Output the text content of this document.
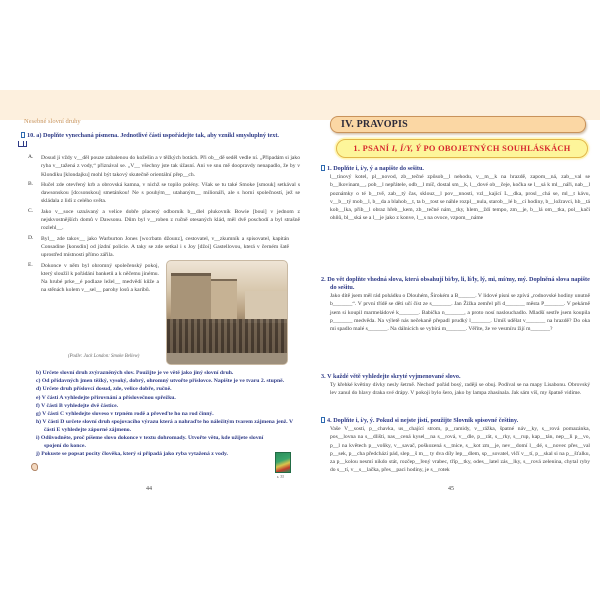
Nesebné slovní druhy
10. a) Doplňte vynechaná písmena. Jednotlivé části uspořádejte tak, aby vznikl smysluplný text.
A. Dosud ji vždy v__děl pouze zabalenou do kožešin a v těžkých botách. Při ob__dě seděl vedle ní. „Připadám si jako ryba v__tažená z vody,“ přiznával se. „V__ všechny jste tak úžasní. Ani ve snu mě doopravdy nenapadlo, že by v Klondiku [klondajku] mohl být takový skutečně orientální přep__ch.
B. Hučel zde otevřený krb a obrovská kamna, v nichž se topilo polény. Však se tu také Smoke [smouk] setkával s dawsonskou [do:sonskou] smetánkou! Ne s pouhým__ utahaným__ milionáři, ale s horní společností, jež se skládala z lidí z celého světa.
C. Jako v__soce uznávaný a velice dobře placený odborník b__dlel plukovník Bowie [boui] v jednom z nejskvostnějších domů v Dawsonu. Dům byl v__roben z ručně otesaných klád, měl dvě poschodí a byl strašně rozlehl__.
D. Byl__ zde takov__ jako Warburton Jones [wo:rbatn džounz], cestovatel, v__zkumník a spisovatel, kapitán Consadine [konsdin] od jízdní policie. A taky se zde setkal i s Joy [džoi] Gastellovou, která v černém šatě uprostřed místnosti přímo zářila.
E. Dokonce v něm byl ohromný společenský pokoj, který sloužil k pořádání banketů a k něčemu jinému. Na hrubé prke__é podlaze ležel__ medvědí kůže a na stěnách kolem v__sel__ parohy losů a karibů.
(Podle: Jack London: Smoke Bellew)
b) Určete slovní druh zvýrazněných slov. Použijte je ve větě jako jiný slovní druh.
c) Od přídavných jmen těžký, vysoký, dobrý, ohromný utvořte příslovce. Napište je ve tvaru 2. stupně.
d) Určete druh příslovcí dosud, zde, velice dobře, ručně.
e) V části A vyhledejte přirovnání a příslovečnou spřežku.
f) V části B vyhledejte dvě částice.
g) V části C vyhledejte sloveso v trpném rodě a převeďte ho na rod činný.
h) V části D určete slovní druh spojovacího výrazu která a nahraďte ho náležitým tvarem zájmena jenž. V části E vyhledejte záporné zájmeno.
i) Odůvodněte, proč píšeme slovo dokonce v textu dohromady. Utvořte větu, kde užijete slovní spojení do konce.
j) Pokuste se popsat pocity člověka, který si připadá jako ryba vytažená z vody.
s. 33
44
IV. PRAVOPIS
1. PSANÍ I, Í/Y, Ý PO OBOJETNÝCH SOUHLÁSKÁCH
1. Doplňte i, í/y, ý a napište do sešitu.
l__tinový kotel, pl__novod, zb__tečné způsob__l nehodu, v__m__k na hrazdě, zapom__ná, zab__val se b__lkovinam__, pob__l nepřátele, odb__l míč, dostal sm__k, l__dové ob__čeje, kočka se l__sá k ml__náři, nab__l poznámky o té b__tvě, zab__tý čas, sklouz__l pov__nnosti, vzl__kající L__dka, prosl__chá se, ml__t kávu, v__b__tý mob__l, b__da a blahob__t, ta b__tost se náhle rozpl__nula, starob__lé b__cí hodiny, b__ložravci, hb__tá kob__lka, přib__l obraz hřeb__kem, zb__tečné nám__tky, hlem__ždí tempo, zm__je, b__lá om__tka, pol__kači ohňů, bl__ská se a l__je jako z konve, l__s na ovoce, vzpom__náme
2. Do vět doplňte vhodná slova, která obsahují bi/by, li, lí/ly, lý, mi, mí/my, mý. Doplněná slova napište do sešitu.
Jako dítě jsem měl rád pohádku o Dlouhém, Širokém a B______. V lidové písni se zpívá „rodnovské hodiny unutně b_______“. V první třídě se děti učí číst ze s_______. Jan Žižka zemřel při d_______ města P_______. V pekárně jsem si koupil marmeládové k_______. Babička n_______, a proto nosí naslouchadlo. Mladší sestře jsem koupila p_______ medvěda. Na výletě nás nečekaně přepadl prudký l_______. Umíš udělat v_______ na hrazdě? Do oka mi spadlo malé s_______. Na dálnicích se vybírá m_______. Věříte, že ve vesmíru žijí m_______?
3. V každé větě vyhledejte skryté vyjmenované slovo.
Ty křehké květiny dívky nesly šetrně. Nechoď pořád bosý, raději se obuj. Podíval se na mapy Lisabonu. Obrovský lev zanul do hlavy draka své drápy. V pokoji bylo šero, jako by lampa zhasínala. Jak sám víš, my špatně vidíme.
4. Doplňte i, í/y, ý. Pokud si nejste jistí, použijte Slovník spisovné češtiny.
Vaše V__sosti, p__chavka, us__chající strom, p__ramidy, v__rážka, špatné náv__ky, s__rová pomazánka, pos__lovna na s__dlišti, nas__cená kysel__na s__rová, v__dle, p__rát, s__rky, s__rup, kap__tán, nep__li p__vo, p__l na květech p__voňky, v__savač, poškozená s__tnice, s__kot zm__je, nev__domí l__dé, s__novec přes__val p__sek, p__cha předchází pád, slep__š m__ ty dva díly lep__dlem, sp__sovatel, vlčí v__tí, p__skal si na p__šťalku, za p__kolou nesmí nikdo stát, rozčep__řený vrabec, tříp__tky, odes__latel zás__lky, s__rová zelenina, chytal ryby do s__tí, v__s__lačka, přes__paci hodiny, je s__rotek
45
